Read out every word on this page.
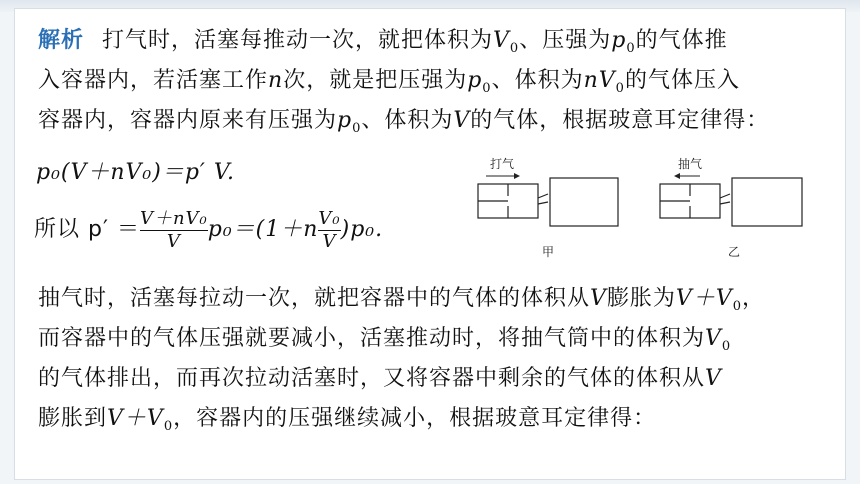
解析 打气时，活塞每推动一次，就把体积为$V_0$、压强为$p_0$的气体推
入容器内，若活塞工作n次，就是把压强为$p_0$、体积为$nV_0$的气体压入
容器内，容器内原来有压强为$p_0$、体积为V的气体，根据玻意耳定律得：
p₀(V＋nV₀)＝p′ V.
所以 $p' = \frac{\text{V＋nV₀}}{V} p_0=(1+n \frac{\text{V₀}}{V} )p_0$.
打气
甲
抽气
乙
抽气时，活塞每拉动一次，就把容器中的气体的体积从V膨胀为$V+V_0$，
而容器中的气体压强就要减小，活塞推动时，将抽气筒中的体积为$V_0$
的气体排出，而再次拉动活塞时，又将容器中剩余的气体的体积从V
膨胀到$V+V_0$，容器内的压强继续减小，根据玻意耳定律得：
